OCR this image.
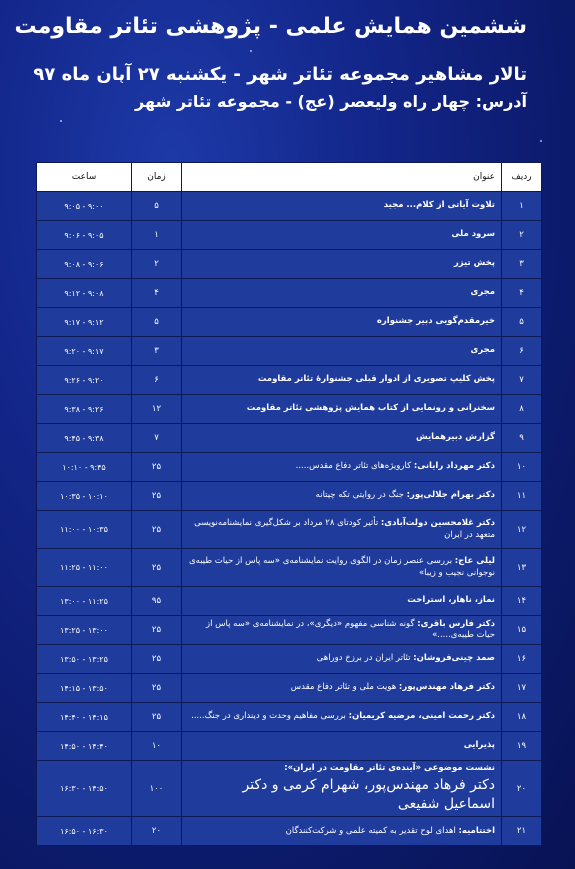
ششمین همایش علمی - پژوهشی تئاتر مقاومت
تالار مشاهیر مجموعه تئاتر شهر - یکشنبه ۲۷ آبان ماه ۹۷
آدرس: چهار راه ولیعصر (عج) - مجموعه تئاتر شهر
ردیف	عنوان	زمان	ساعت
۱	تلاوت آیاتی از کلام... مجید	۵	۹:۰۰ - ۹:۰۵
۲	سرود ملی	۱	۹:۰۵ - ۹:۰۶
۳	پخش تیزر	۲	۹:۰۶ - ۹:۰۸
۴	مجری	۴	۹:۰۸ - ۹:۱۲
۵	خیرمقدم‌گویی دبیر جشنواره	۵	۹:۱۲ - ۹:۱۷
۶	مجری	۳	۹:۱۷ - ۹:۲۰
۷	پخش کلیپ تصویری از ادوار قبلی جشنوارهٔ تئاتر مقاومت	۶	۹:۲۰ - ۹:۲۶
۸	سخنرانی و رونمایی از کتاب همایش پژوهشی تئاتر مقاومت	۱۲	۹:۲۶ - ۹:۳۸
۹	گزارش دبیرهمایش	۷	۹:۳۸ - ۹:۴۵
۱۰	دکتر مهرداد رایانی: کارویژه‌های تئاتر دفاع مقدس.....	۲۵	۹:۴۵ - ۱۰:۱۰
۱۱	دکتر بهرام جلالی‌پور: جنگ در روایتی تکه چیتانه	۲۵	۱۰:۱۰ - ۱۰:۳۵
۱۲	دکتر غلامحسین دولت‌آبادی: تأثیر کودتای ۲۸ مرداد بر شکل‌گیری نمایشنامه‌نویسی متعهد در ایران	۲۵	۱۰:۳۵ - ۱۱:۰۰
۱۳	لیلی عاج: بررسی عنصر زمان در الگوی روایت نمایشنامه‌ی «سه پاس از حیات طیبه‌ی نوجوانی نجیب و زیبا»	۲۵	۱۱:۰۰ - ۱۱:۲۵
۱۴	نماز، ناهار، استراحت	۹۵	۱۱:۲۵ - ۱۳:۰۰
۱۵	دکتر فارس باقری: گونه شناسی مفهوم «دیگری»، در نمایشنامه‌ی «سه پاس از حیات طیبه‌ی.....»	۲۵	۱۳:۰۰ - ۱۳:۲۵
۱۶	صمد چینی‌فروشان: تئاتر ایران در برزخ دوراهی	۲۵	۱۳:۲۵ - ۱۳:۵۰
۱۷	دکتر فرهاد مهندس‌پور: هویت ملی و تئاتر دفاع مقدس	۲۵	۱۳:۵۰ - ۱۴:۱۵
۱۸	دکتر رحمت امینی، مرضیه کریمیان: بررسی مفاهیم وحدت و دینداری در جنگ.....	۲۵	۱۴:۱۵ - ۱۴:۴۰
۱۹	پذیرایی	۱۰	۱۴:۴۰ - ۱۴:۵۰
۲۰	نشست موضوعی «آینده‌ی تئاتر مقاومت در ایران»:
دکتر فرهاد مهندس‌پور، شهرام کرمی و دکتر اسماعیل شفیعی	۱۰۰	۱۴:۵۰ - ۱۶:۳۰
۲۱	اختتامیه: اهدای لوح تقدیر به کمیته علمی و شرکت‌کنندگان	۲۰	۱۶:۳۰ - ۱۶:۵۰
